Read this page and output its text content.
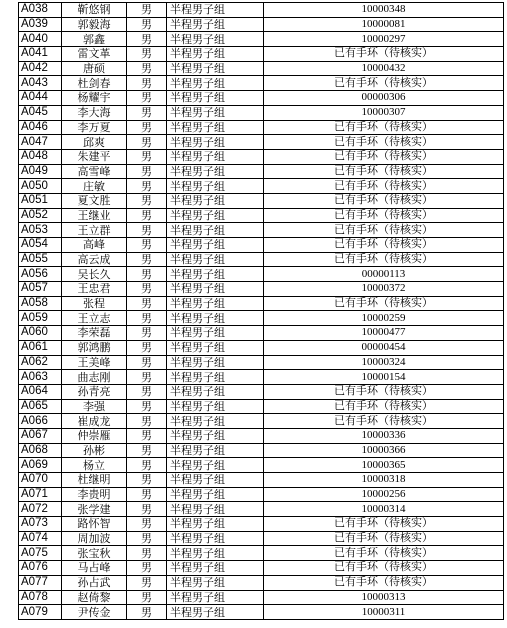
A038	靳悠钢	男	半程男子组	10000348
A039	郭毅海	男	半程男子组	10000081
A040	郭鑫	男	半程男子组	10000297
A041	雷文革	男	半程男子组	已有手环（待核实）
A042	唐硕	男	半程男子组	10000432
A043	杜剑春	男	半程男子组	已有手环（待核实）
A044	杨耀宇	男	半程男子组	00000306
A045	李大海	男	半程男子组	10000307
A046	李万夏	男	半程男子组	已有手环（待核实）
A047	邱爽	男	半程男子组	已有手环（待核实）
A048	朱建平	男	半程男子组	已有手环（待核实）
A049	高雪峰	男	半程男子组	已有手环（待核实）
A050	庄敏	男	半程男子组	已有手环（待核实）
A051	夏文胜	男	半程男子组	已有手环（待核实）
A052	王继业	男	半程男子组	已有手环（待核实）
A053	王立群	男	半程男子组	已有手环（待核实）
A054	高峰	男	半程男子组	已有手环（待核实）
A055	高云成	男	半程男子组	已有手环（待核实）
A056	吴长久	男	半程男子组	00000113
A057	王忠君	男	半程男子组	10000372
A058	张程	男	半程男子组	已有手环（待核实）
A059	王立志	男	半程男子组	10000259
A060	李荣磊	男	半程男子组	10000477
A061	郭鸿鹏	男	半程男子组	00000454
A062	王美峰	男	半程男子组	10000324
A063	曲志刚	男	半程男子组	10000154
A064	孙青亮	男	半程男子组	已有手环（待核实）
A065	李强	男	半程男子组	已有手环（待核实）
A066	崔成龙	男	半程男子组	已有手环（待核实）
A067	仲崇雁	男	半程男子组	10000336
A068	孙彬	男	半程男子组	10000366
A069	杨立	男	半程男子组	10000365
A070	杜继明	男	半程男子组	10000318
A071	李贵明	男	半程男子组	10000256
A072	张学建	男	半程男子组	10000314
A073	路怀智	男	半程男子组	已有手环（待核实）
A074	周加波	男	半程男子组	已有手环（待核实）
A075	张宝秋	男	半程男子组	已有手环（待核实）
A076	马占峰	男	半程男子组	已有手环（待核实）
A077	孙占武	男	半程男子组	已有手环（待核实）
A078	赵倚黎	男	半程男子组	10000313
A079	尹传金	男	半程男子组	10000311
